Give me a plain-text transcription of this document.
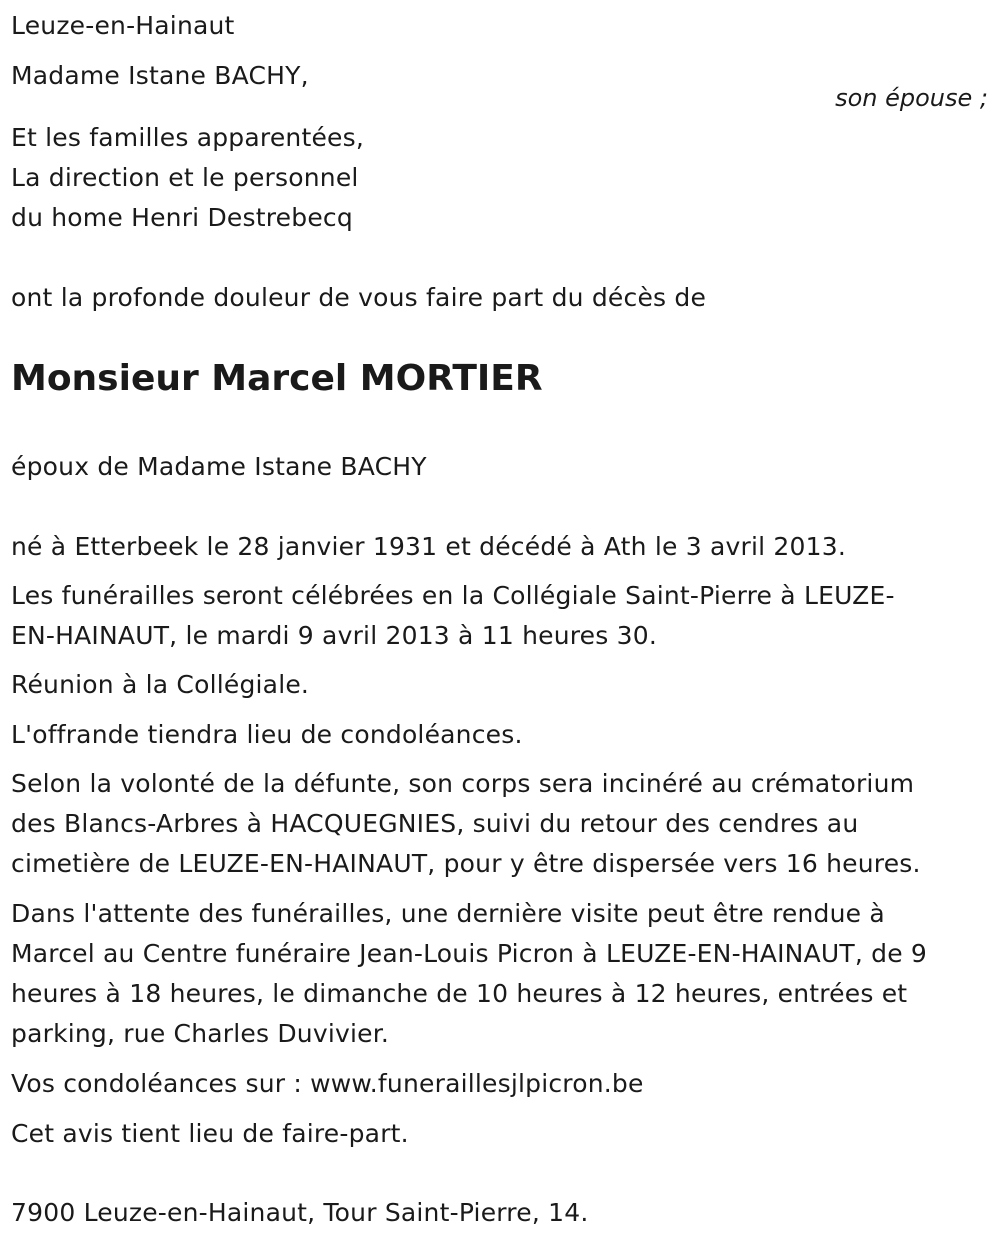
Leuze-en-Hainaut
Madame Istane BACHY,
son épouse ;
Et les familles apparentées,
La direction et le personnel
du home Henri Destrebecq
ont la profonde douleur de vous faire part du décès de
Monsieur Marcel MORTIER
époux de Madame Istane BACHY
né à Etterbeek le 28 janvier 1931 et décédé à Ath le 3 avril 2013.
Les funérailles seront célébrées en la Collégiale Saint-Pierre à LEUZE-
EN-HAINAUT, le mardi 9 avril 2013 à 11 heures 30.
Réunion à la Collégiale.
L'offrande tiendra lieu de condoléances.
Selon la volonté de la défunte, son corps sera incinéré au crématorium
des Blancs-Arbres à HACQUEGNIES, suivi du retour des cendres au
cimetière de LEUZE-EN-HAINAUT, pour y être dispersée vers 16 heures.
Dans l'attente des funérailles, une dernière visite peut être rendue à
Marcel au Centre funéraire Jean-Louis Picron à LEUZE-EN-HAINAUT, de 9
heures à 18 heures, le dimanche de 10 heures à 12 heures, entrées et
parking, rue Charles Duvivier.
Vos condoléances sur : www.funeraillesjlpicron.be
Cet avis tient lieu de faire-part.
7900 Leuze-en-Hainaut, Tour Saint-Pierre, 14.
